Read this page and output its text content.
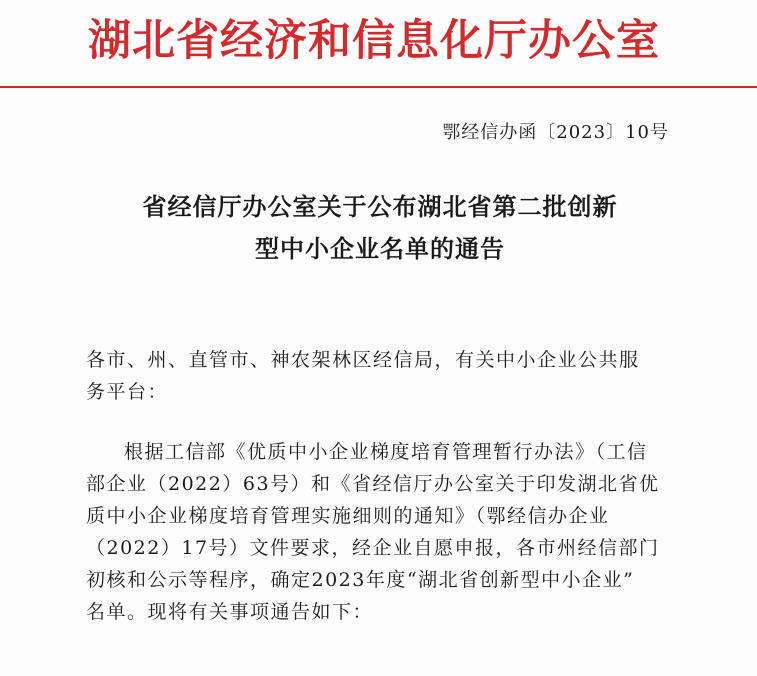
湖北省经济和信息化厅办公室
鄂经信办函〔2023〕10号
省经信厅办公室关于公布湖北省第二批创新
型中小企业名单的通告
各市、州、直管市、神农架林区经信局，有关中小企业公共服
务平台：
根据工信部《优质中小企业梯度培育管理暂行办法》（工信
部企业（2022）63号）和《省经信厅办公室关于印发湖北省优
质中小企业梯度培育管理实施细则的通知》（鄂经信办企业
（2022）17号）文件要求，经企业自愿申报，各市州经信部门
初核和公示等程序，确定2023年度“湖北省创新型中小企业”
名单。现将有关事项通告如下：
